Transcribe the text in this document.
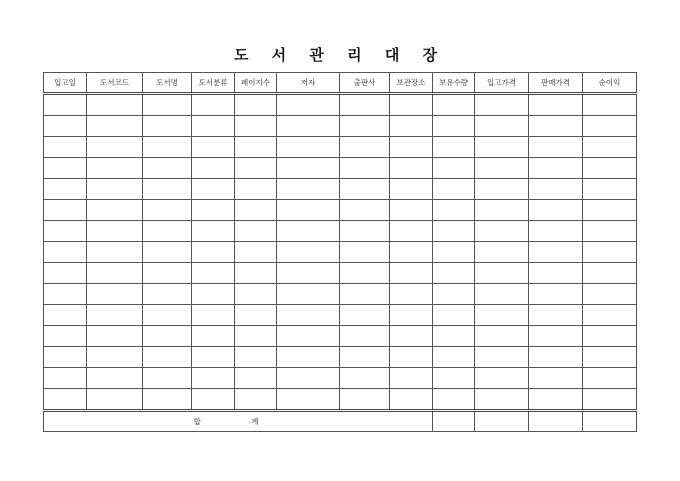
도 서 관 리 대 장
입고일	도서코드	도서명	도서분류	페이지수	저자	출판사	보관장소	보유수량	입고가격	판매가격	순이익

합 계											
